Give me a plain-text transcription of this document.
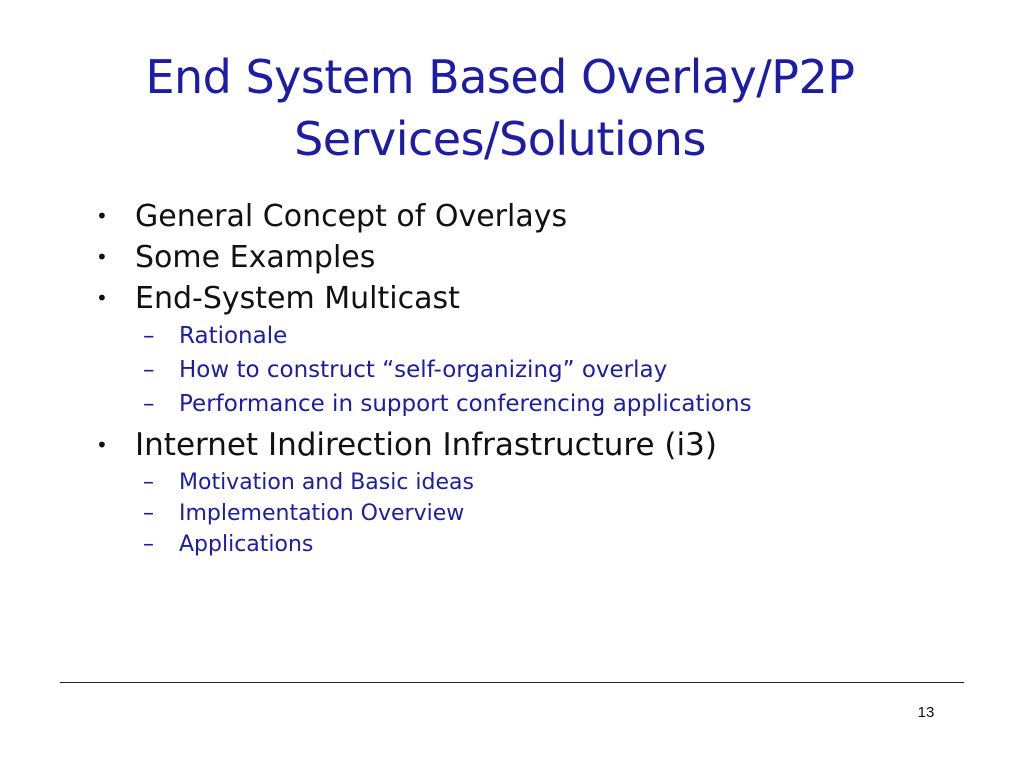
End System Based Overlay/P2P
Services/Solutions
• General Concept of Overlays
• Some Examples
• End-System Multicast
– Rationale
– How to construct “self-organizing” overlay
– Performance in support conferencing applications
• Internet Indirection Infrastructure (i3)
– Motivation and Basic ideas
– Implementation Overview
– Applications
13
